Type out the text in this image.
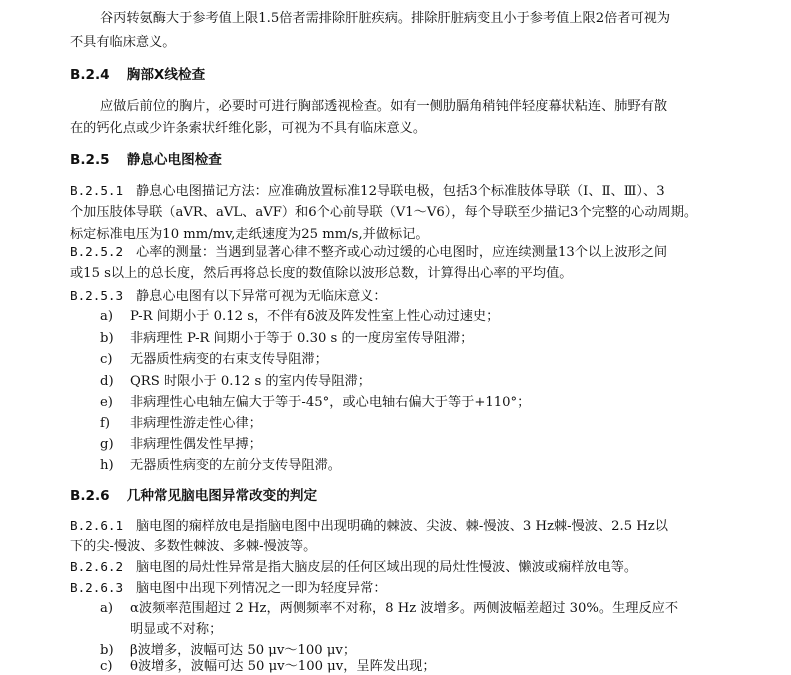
谷丙转氨酶大于参考值上限1.5倍者需排除肝脏疾病。排除肝脏病变且小于参考值上限2倍者可视为
不具有临床意义。
B.2.4 胸部X线检查
应做后前位的胸片，必要时可进行胸部透视检查。如有一侧肋膈角稍钝伴轻度幕状粘连、肺野有散
在的钙化点或少许条索状纤维化影，可视为不具有临床意义。
B.2.5 静息心电图检查
B.2.5.1 静息心电图描记方法：应准确放置标准12导联电极，包括3个标准肢体导联（Ⅰ、Ⅱ、Ⅲ）、3
个加压肢体导联（aVR、aVL、aVF）和6个心前导联（V1～V6），每个导联至少描记3个完整的心动周期。
标定标准电压为10 mm/mv,走纸速度为25 mm/s,并做标记。
B.2.5.2 心率的测量：当遇到显著心律不整齐或心动过缓的心电图时，应连续测量13个以上波形之间
或15 s以上的总长度，然后再将总长度的数值除以波形总数，计算得出心率的平均值。
B.2.5.3 静息心电图有以下异常可视为无临床意义：
a) P-R 间期小于 0.12 s，不伴有δ波及阵发性室上性心动过速史；
b) 非病理性 P-R 间期小于等于 0.30 s 的一度房室传导阻滞；
c) 无器质性病变的右束支传导阻滞；
d) QRS 时限小于 0.12 s 的室内传导阻滞；
e) 非病理性心电轴左偏大于等于-45°，或心电轴右偏大于等于+110°；
f) 非病理性游走性心律；
g) 非病理性偶发性早搏；
h) 无器质性病变的左前分支传导阻滞。
B.2.6 几种常见脑电图异常改变的判定
B.2.6.1 脑电图的痫样放电是指脑电图中出现明确的棘波、尖波、棘-慢波、3 Hz棘-慢波、2.5 Hz以
下的尖-慢波、多数性棘波、多棘-慢波等。
B.2.6.2 脑电图的局灶性异常是指大脑皮层的任何区域出现的局灶性慢波、懒波或痫样放电等。
B.2.6.3 脑电图中出现下列情况之一即为轻度异常：
a) α波频率范围超过 2 Hz，两侧频率不对称，8 Hz 波增多。两侧波幅差超过 30%。生理反应不
明显或不对称；
b) β波增多，波幅可达 50 μv～100 μv；
c) θ波增多，波幅可达 50 μv～100 μv，呈阵发出现；
